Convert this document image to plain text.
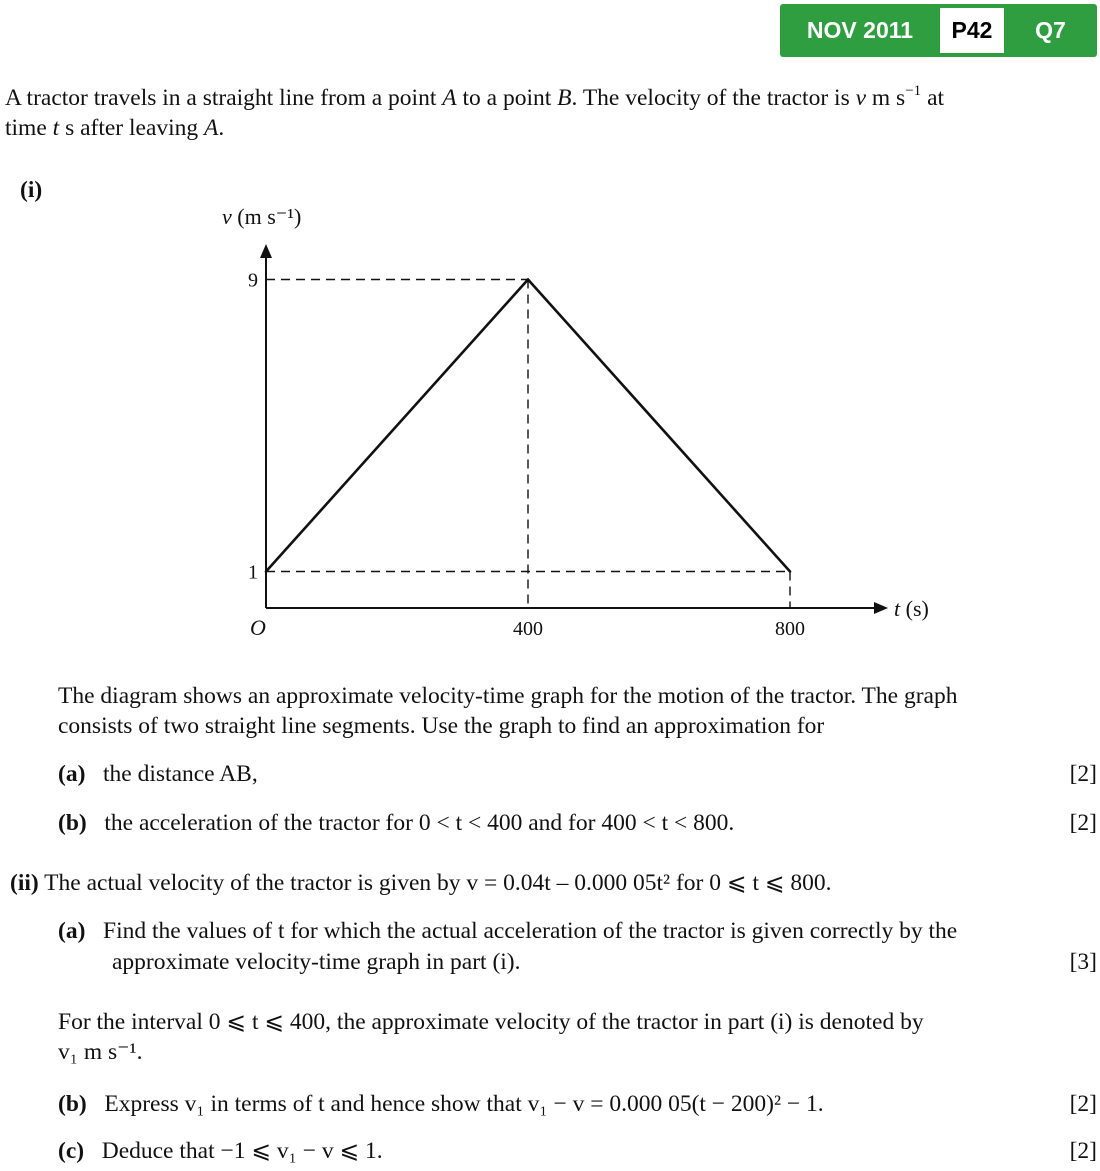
NOV 2011	P42	Q7
A tractor travels in a straight line from a point A to a point B. The velocity of the tractor is v m $s^{-1}$ at
time t s after leaving A.
(i)
1
9
400	800
v (m s⁻¹)
t (s)
O
The diagram shows an approximate velocity-time graph for the motion of the tractor. The graph
consists of two straight line segments. Use the graph to find an approximation for
(a) the distance AB,	[2]
(b) the acceleration of the tractor for 0 < t < 400 and for 400 < t < 800.	[2]
(ii) The actual velocity of the tractor is given by v = 0.04t – 0.000 05t² for 0 ⩽ t ⩽ 800.
(a) Find the values of t for which the actual acceleration of the tractor is given correctly by the
approximate velocity-time graph in part (i).	[3]
For the interval 0 ⩽ t ⩽ 400, the approximate velocity of the tractor in part (i) is denoted by
v₁ m s⁻¹.
(b) Express v₁ in terms of t and hence show that v₁ − v = 0.000 05(t − 200)² − 1.	[2]
(c) Deduce that −1 ⩽ v₁ − v ⩽ 1.	[2]
